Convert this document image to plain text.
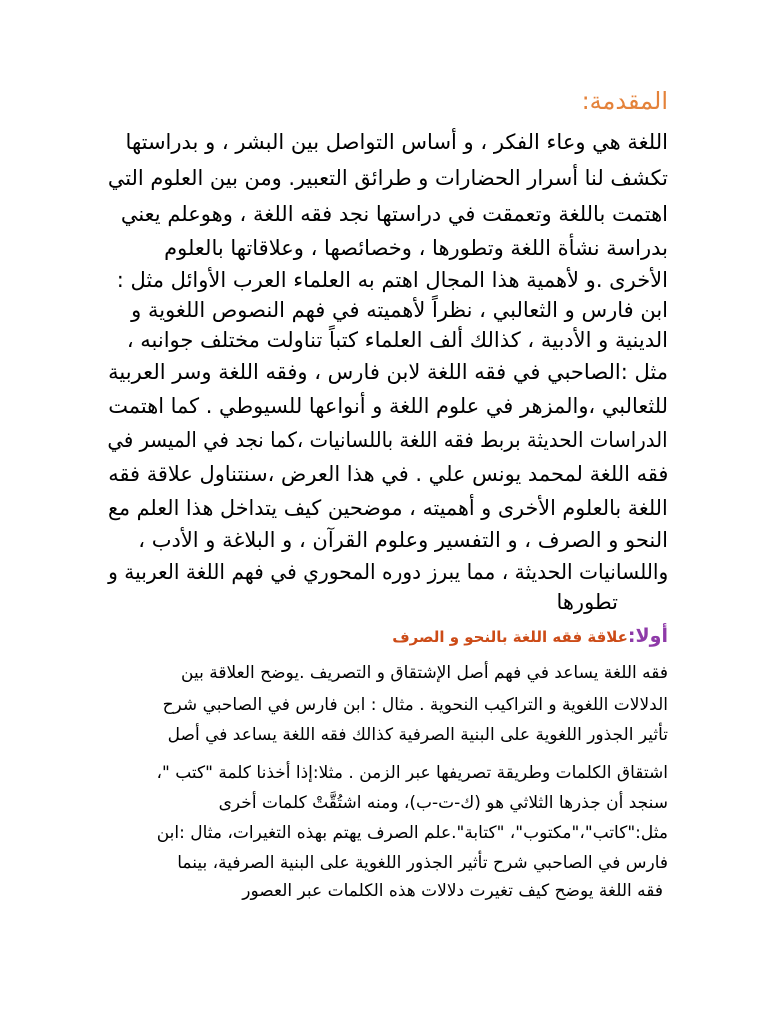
المقدمة:
اللغة هي وعاء الفكر ، و أساس التواصل بين البشر ، و بدراستها
تكشف لنا أسرار الحضارات و طرائق التعبير. ومن بين العلوم التي
اهتمت باللغة وتعمقت في دراستها نجد فقه اللغة ، وهوعلم يعني
بدراسة نشأة اللغة وتطورها ، وخصائصها ، وعلاقاتها بالعلوم
الأخرى .و لأهمية هذا المجال اهتم به العلماء العرب الأوائل مثل :
ابن فارس و الثعالبي ، نظراً لأهميته في فهم النصوص اللغوية و
الدينية و الأدبية ، كذالك ألف العلماء كتباً تناولت مختلف جوانبه ،
مثل :الصاحبي في فقه اللغة لابن فارس ، وفقه اللغة وسر العربية
للثعالبي ،والمزهر في علوم اللغة و أنواعها للسيوطي . كما اهتمت
الدراسات الحديثة بربط فقه اللغة باللسانيات ،كما نجد في الميسر في
فقه اللغة لمحمد يونس علي . في هذا العرض ،سنتناول علاقة فقه
اللغة بالعلوم الأخرى و أهميته ، موضحين كيف يتداخل هذا العلم مع
النحو و الصرف ، و التفسير وعلوم القرآن ، و البلاغة و الأدب ،
واللسانيات الحديثة ، مما يبرز دوره المحوري في فهم اللغة العربية و
تطورها
أولا:علاقة فقه اللغة بالنحو و الصرف
فقه اللغة يساعد في فهم أصل الإشتقاق و التصريف .يوضح العلاقة بين
الدلالات اللغوية و التراكيب النحوية . مثال : ابن فارس في الصاحبي شرح
تأثير الجذور اللغوية على البنية الصرفية كذالك فقه اللغة يساعد في أصل
اشتقاق الكلمات وطريقة تصريفها عبر الزمن . مثلا:إذا أخذنا كلمة "كتب "،
سنجد أن جذرها الثلاثي هو (ك-ت-ب)، ومنه اشتُقَّتْ كلمات أخرى
مثل:"كاتب"،"مكتوب"، "كتابة".علم الصرف يهتم بهذه التغيرات، مثال :ابن
فارس في الصاحبي شرح تأثير الجذور اللغوية على البنية الصرفية، بينما
فقه اللغة يوضح كيف تغيرت دلالات هذه الكلمات عبر العصور
